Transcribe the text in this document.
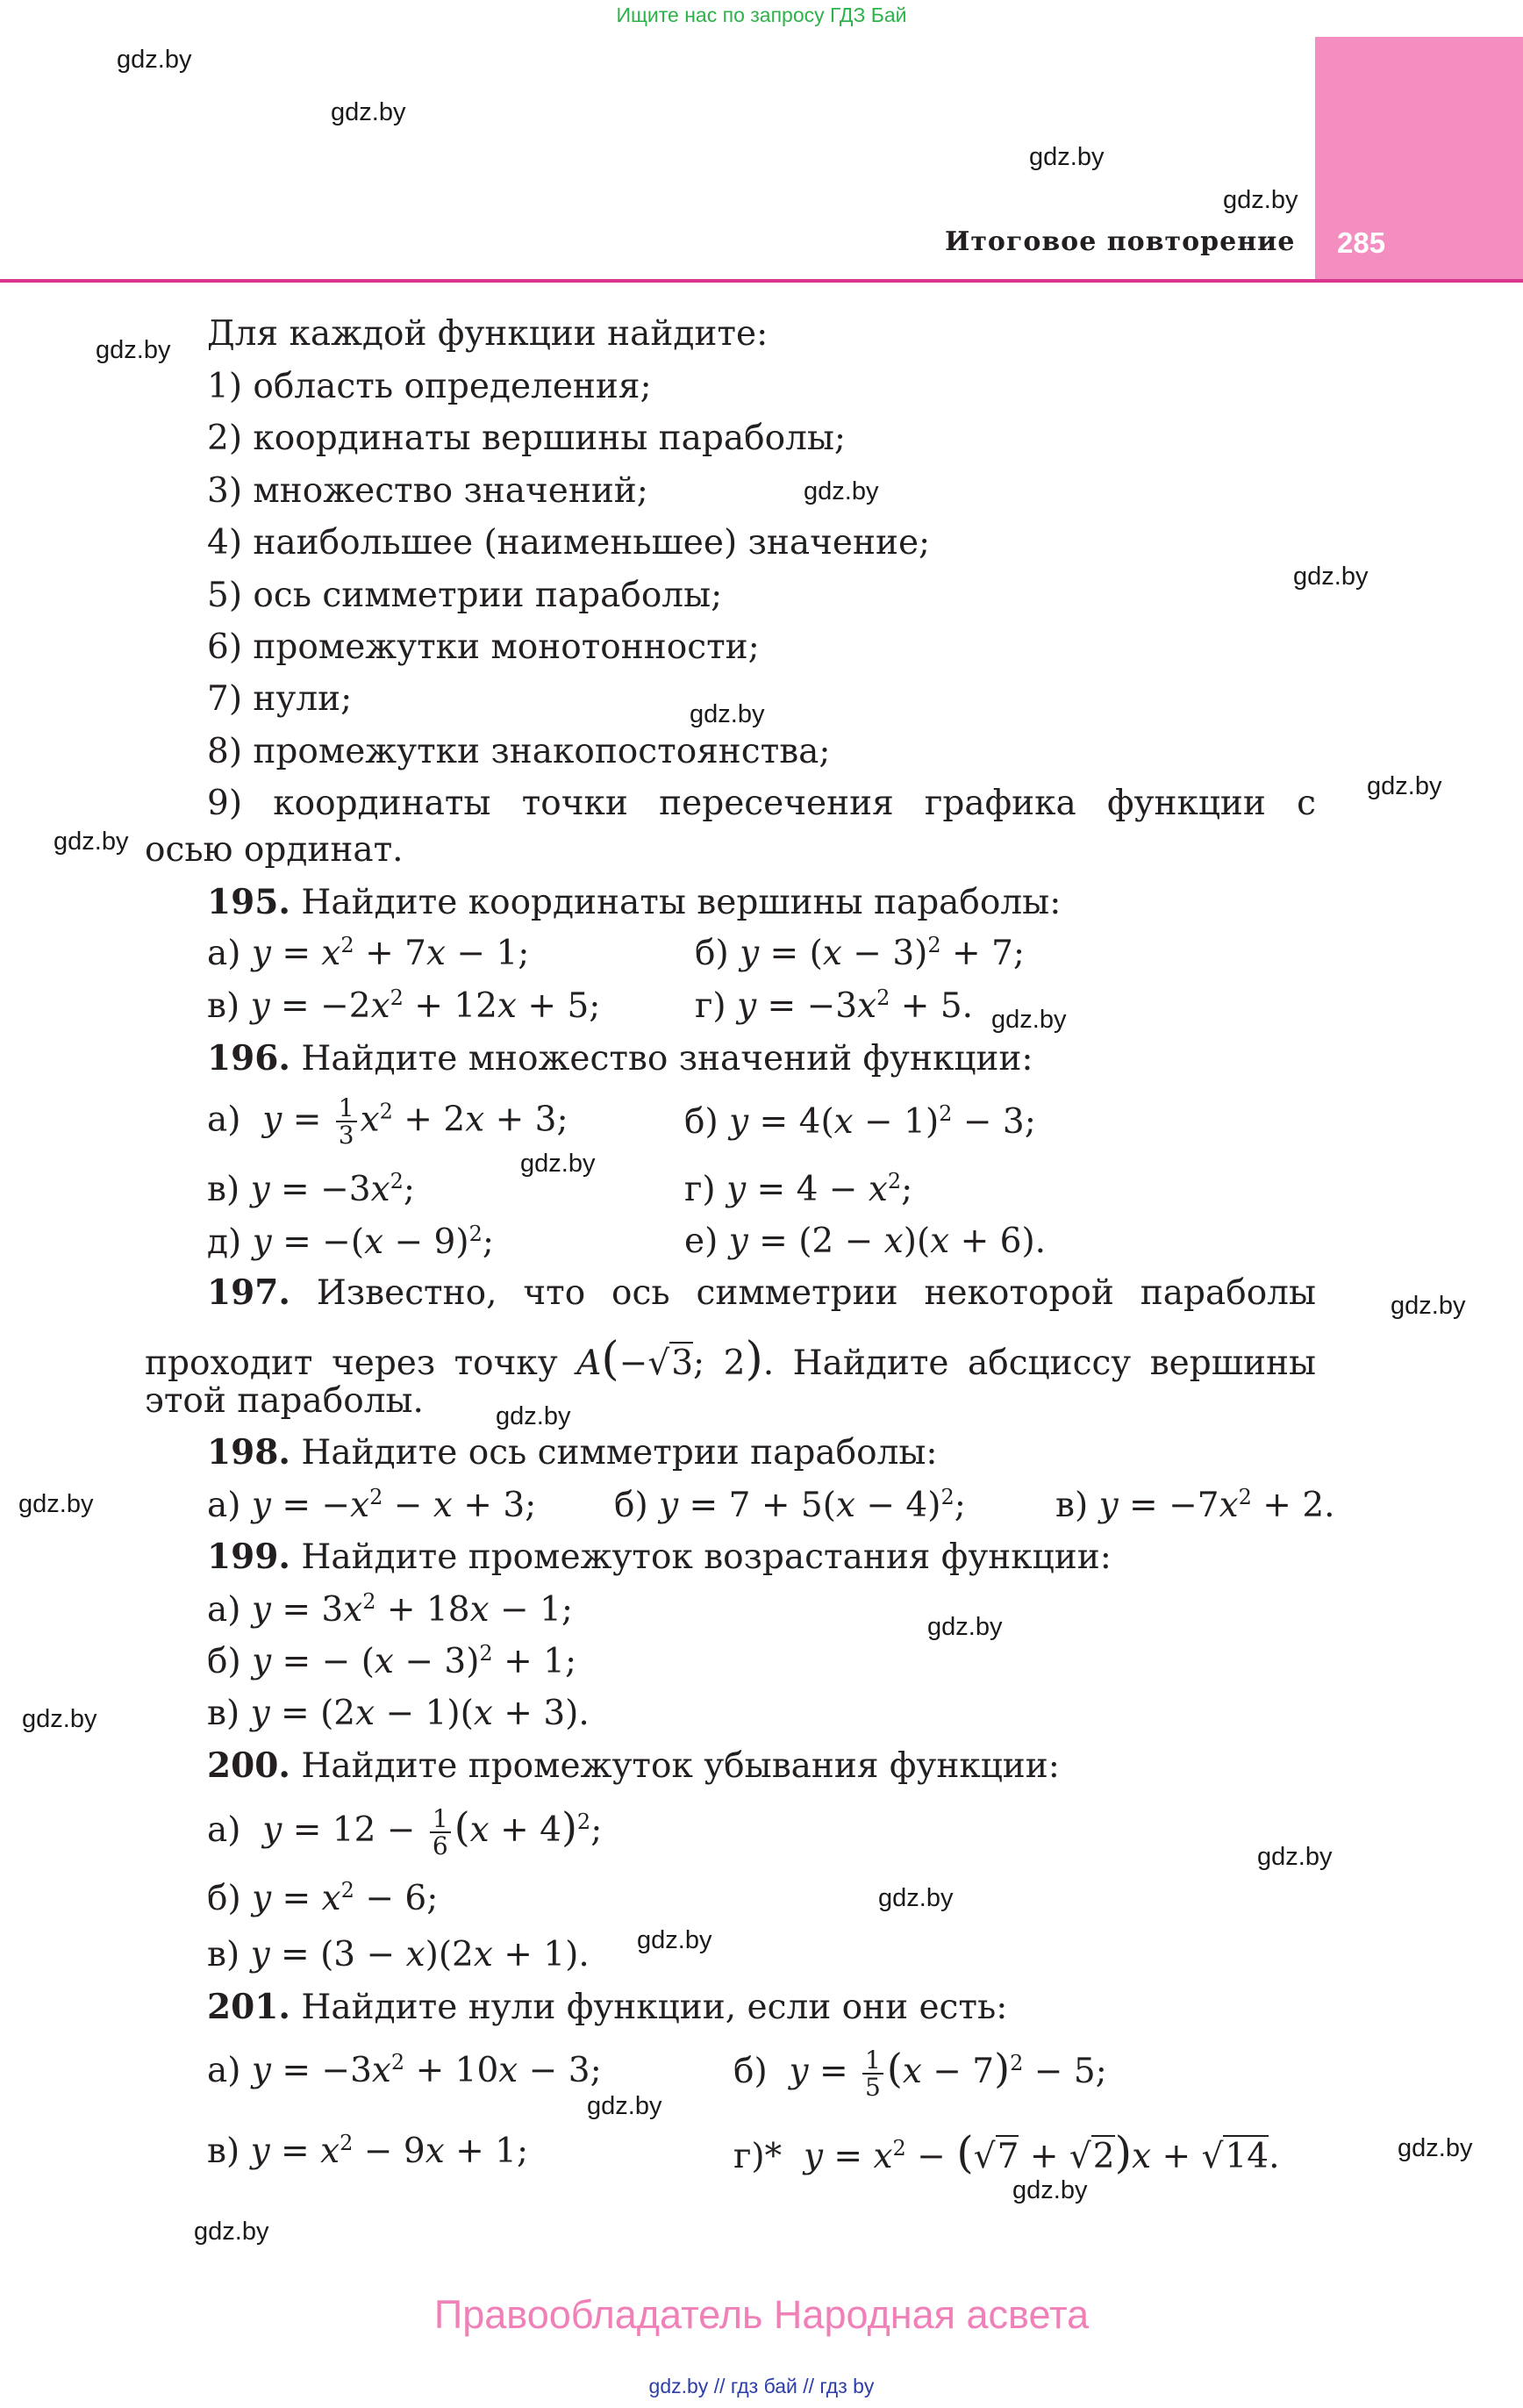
Ищите нас по запросу ГДЗ Бай
285
Итоговое повторение
gdz.by
gdz.by
gdz.by
gdz.by
gdz.by
gdz.by
gdz.by
gdz.by
gdz.by
gdz.by
gdz.by
gdz.by
gdz.by
gdz.by
gdz.by
gdz.by
gdz.by
gdz.by
gdz.by
gdz.by
gdz.by
gdz.by
gdz.by
gdz.by
Для каждой функции найдите:
1) область определения;
2) координаты вершины параболы;
3) множество значений;
4) наибольшее (наименьшее) значение;
5) ось симметрии параболы;
6) промежутки монотонности;
7) нули;
8) промежутки знакопостоянства;
9) координаты точки пересечения графика функции с
осью ординат.
195. Найдите координаты вершины параболы:
а) $y = x^2 + 7x - 1$;	б) $y = (x - 3)^2 + 7$;
в) $y = -2x^2 + 12x + 5$;	г) $y = -3x^2 + 5$.
196. Найдите множество значений функции:
а) $y = \frac{1}{3} x^2 + 2x + 3$;	б) $y = 4(x - 1)^2 - 3$;
в) $y = -3x^2$;	г) $y = 4 - x^2$;
д) $y = -(x - 9)^2$;	е) y = (2 − x)(x + 6).
197. Известно, что ось симметрии некоторой параболы
проходит через точку A(−√3; 2). Найдите абсциссу вершины
этой параболы.
198. Найдите ось симметрии параболы:
а) $y = -x^2 - x + 3$; б) $y = 7 + 5(x - 4)^2$;	в) $y = -7x^2 + 2$.
199. Найдите промежуток возрастания функции:
а) $y = 3x^2 + 18x - 1$;
б) y = − $(x - 3)^2 + 1$;
в) y = (2x − 1)(x + 3).
200. Найдите промежуток убывания функции:
а) $y = 12 - \frac{1}{6} (x + 4)^2$;
б) $y = x^2 - 6$;
в) y = (3 − x)(2x + 1).
201. Найдите нули функции, если они есть:
а) $y = -3x^2 + 10x - 3$;	б) $y = \frac{1}{5} (x - 7)^2 - 5$;
в) $y = x^2 - 9x + 1$;	г)* $y = x^2 - (√7 + √2)x + √14$.
Правообладатель Народная асвета
gdz.by // гдз бай // гдз by
